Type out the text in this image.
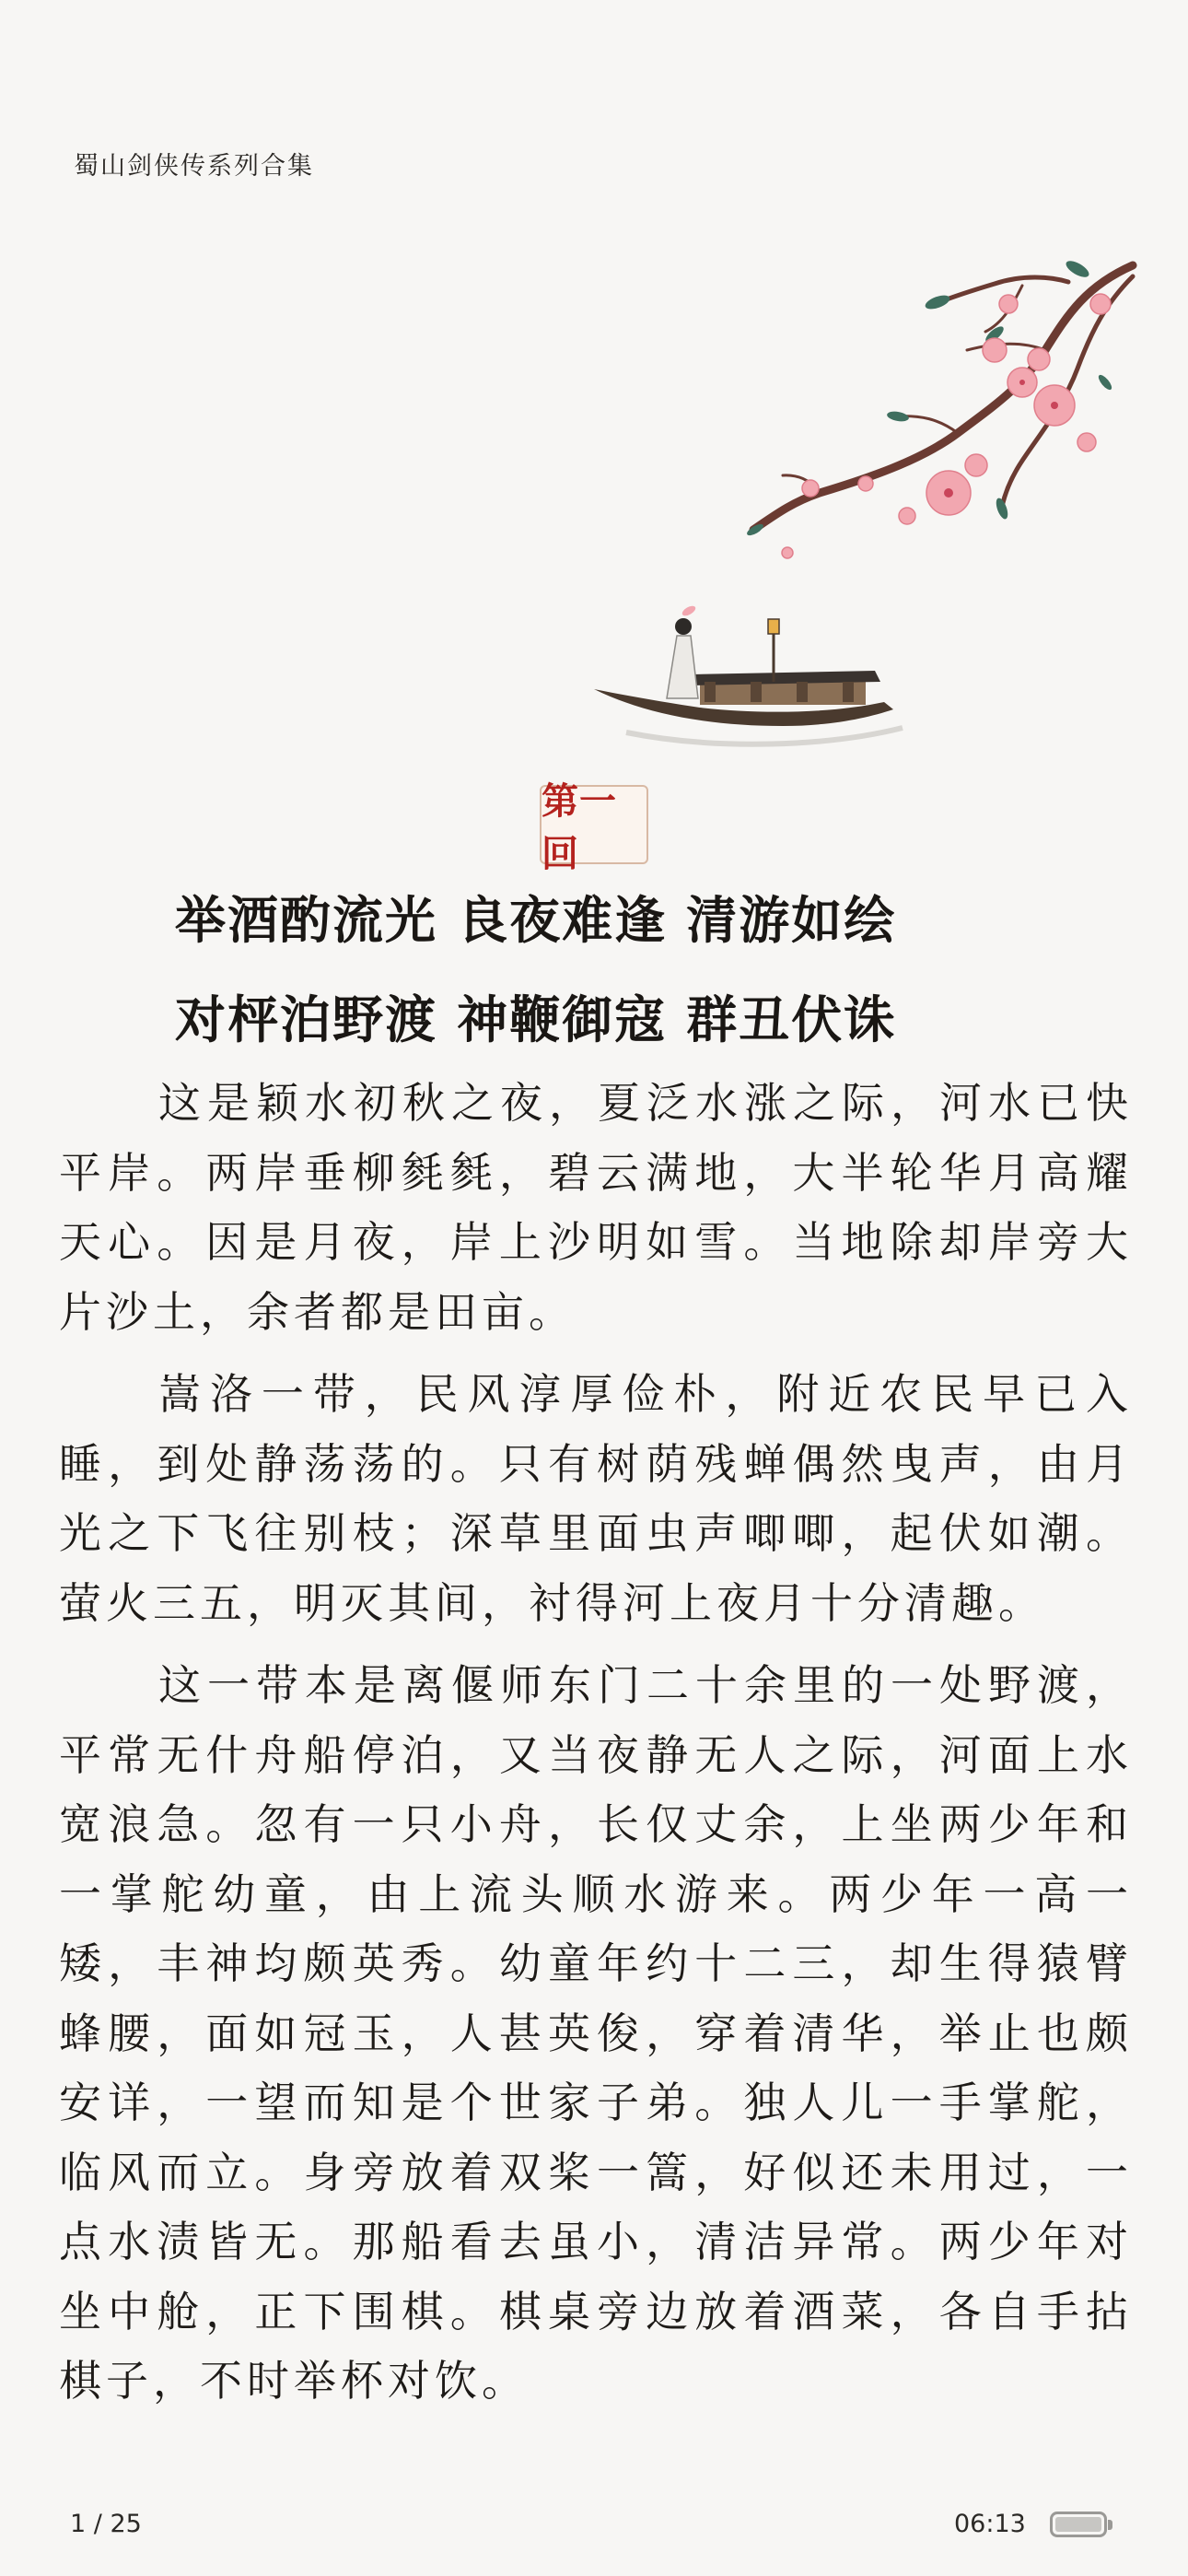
蜀山剑侠传系列合集
第一回
举酒酌流光 良夜难逢 清游如绘
对枰泊野渡 神鞭御寇 群丑伏诛

这是颖水初秋之夜，夏泛水涨之际，河水已快平岸。两岸垂柳毵毵，碧云满地，大半轮华月高耀天心。因是月夜，岸上沙明如雪。当地除却岸旁大片沙土，余者都是田亩。

嵩洛一带，民风淳厚俭朴，附近农民早已入睡，到处静荡荡的。只有树荫残蝉偶然曳声，由月光之下飞往别枝；深草里面虫声唧唧，起伏如潮。萤火三五，明灭其间，衬得河上夜月十分清趣。

这一带本是离偃师东门二十余里的一处野渡，平常无什舟船停泊，又当夜静无人之际，河面上水宽浪急。忽有一只小舟，长仅丈余，上坐两少年和一掌舵幼童，由上流头顺水游来。两少年一高一矮，丰神均颇英秀。幼童年约十二三，却生得猿臂蜂腰，面如冠玉，人甚英俊，穿着清华，举止也颇安详，一望而知是个世家子弟。独人儿一手掌舵，临风而立。身旁放着双桨一篙，好似还未用过，一点水渍皆无。那船看去虽小，清洁异常。两少年对坐中舱，正下围棋。棋桌旁边放着酒菜，各自手拈棋子，不时举杯对饮。

1 / 25	06:13
